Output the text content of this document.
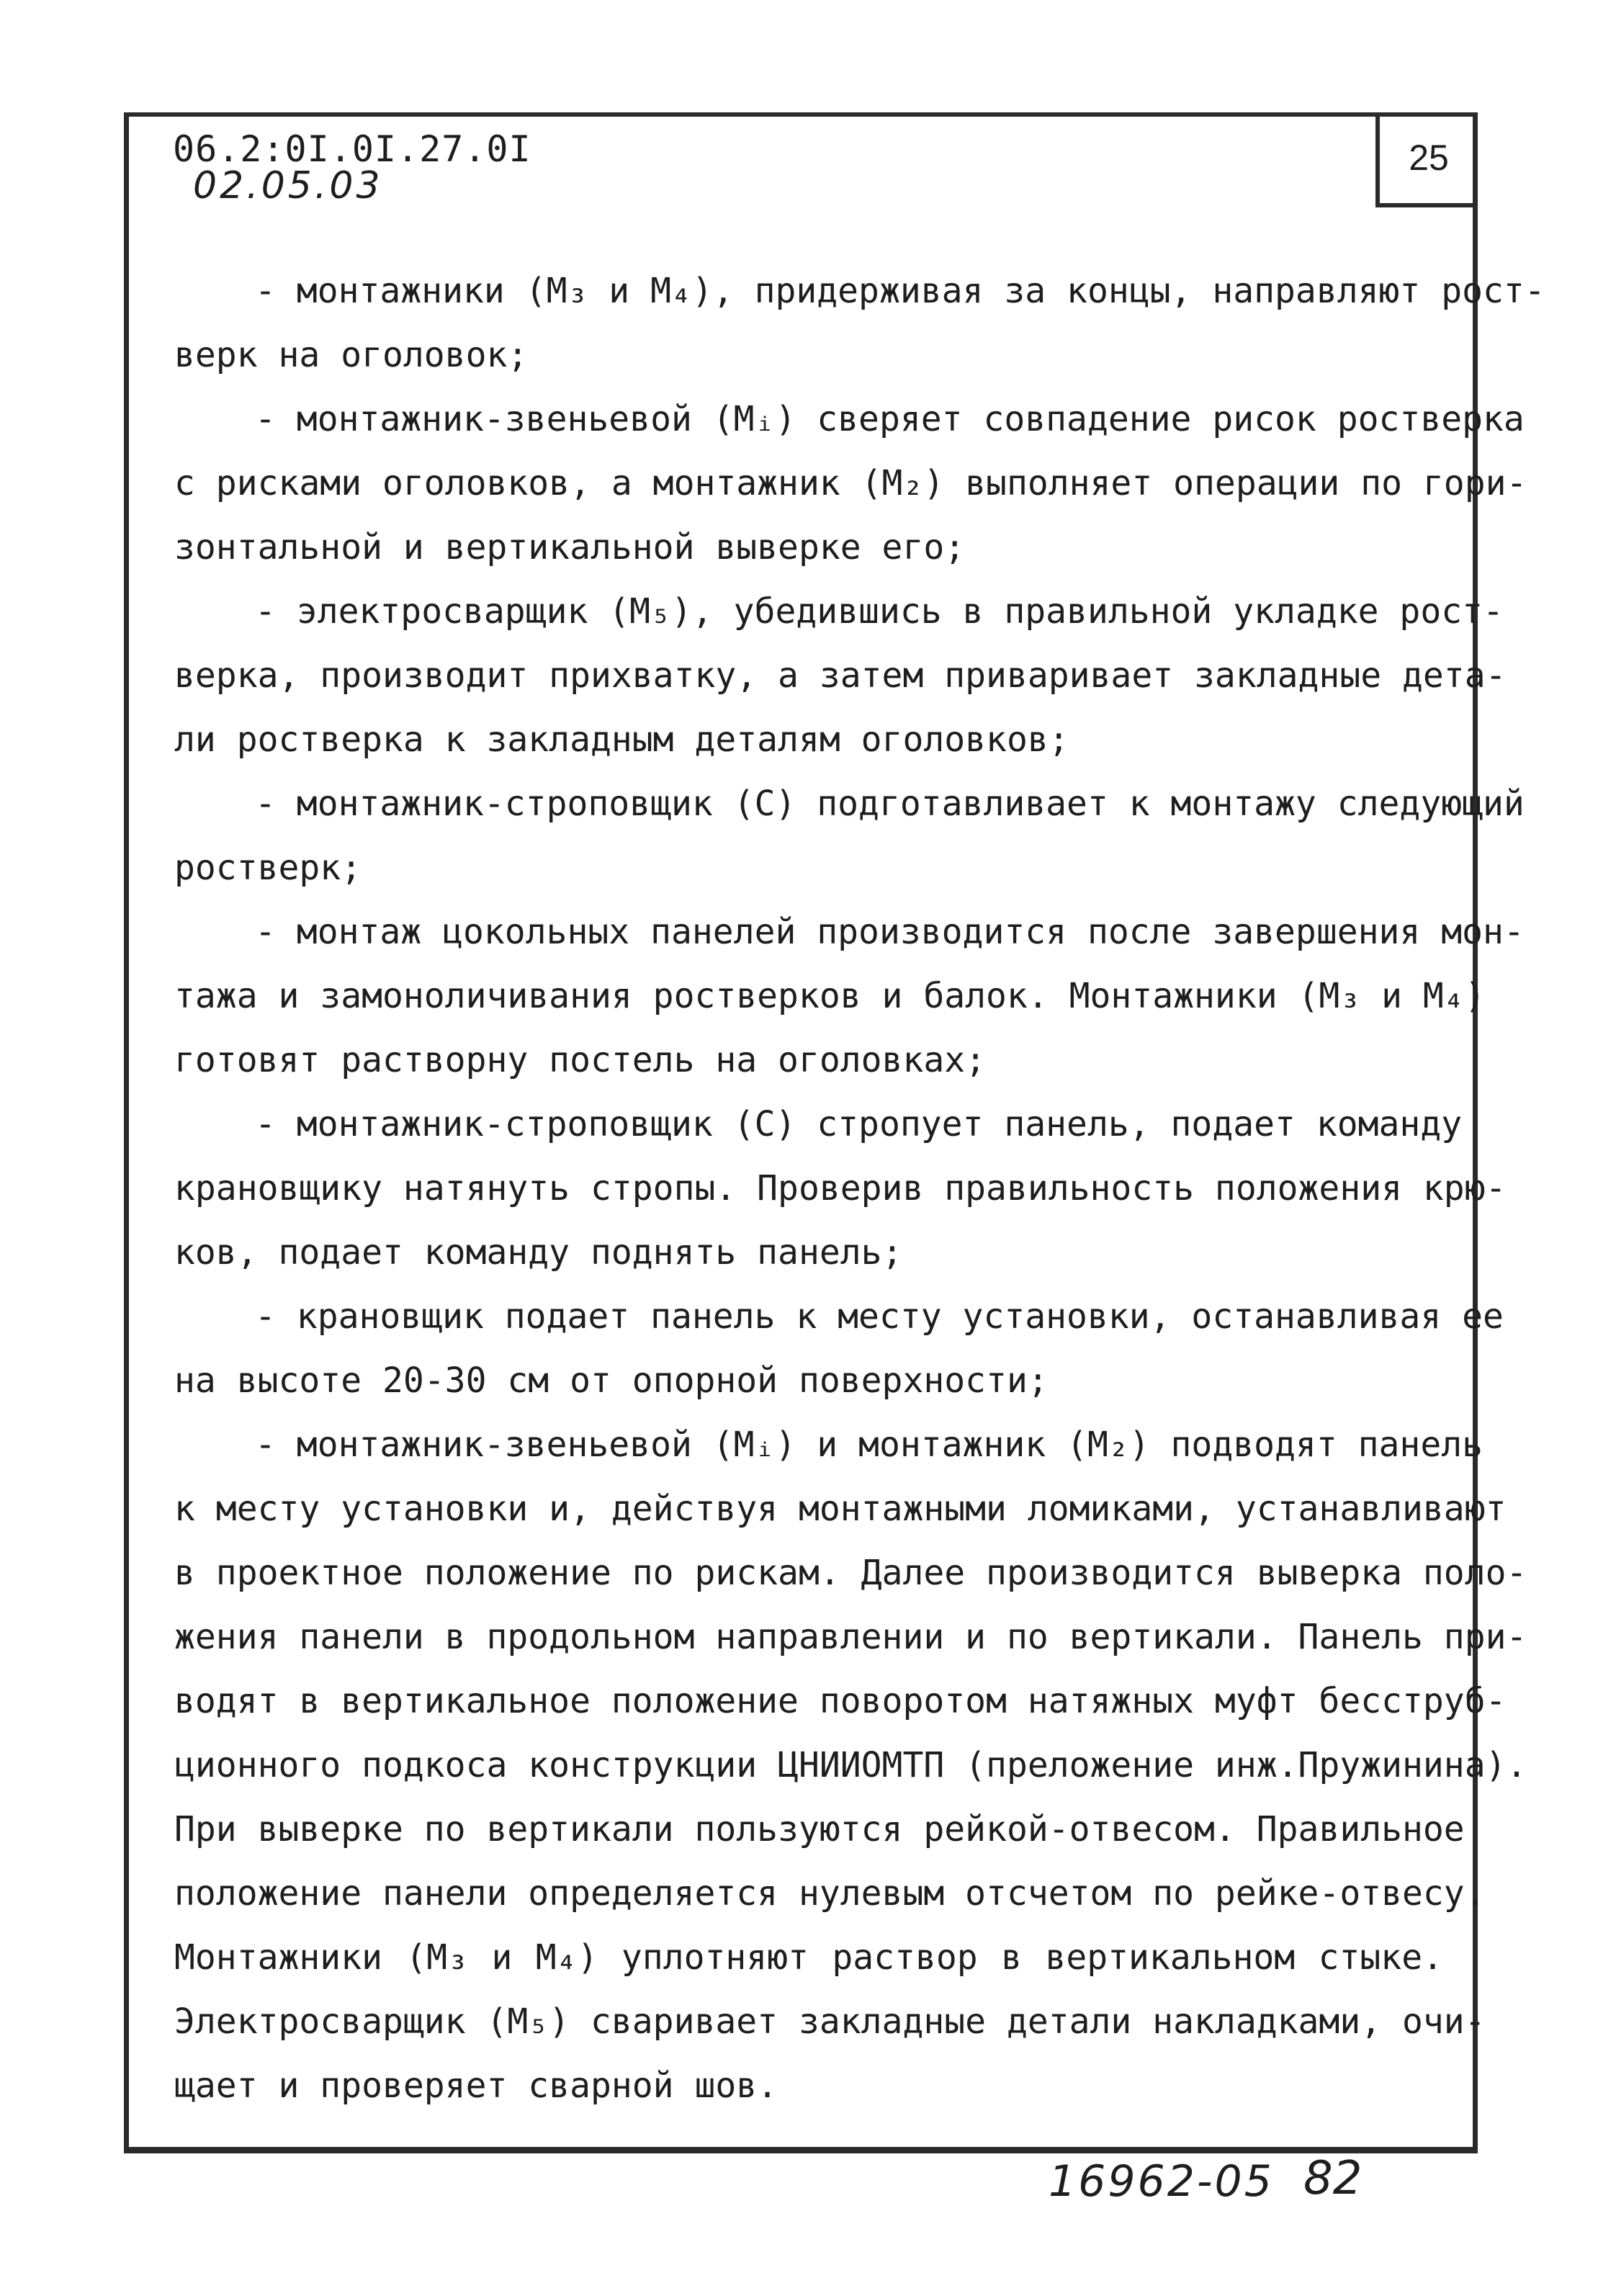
25
06.2:0I.0I.27.0I
02.05.03
- монтажники (М₃ и М₄), придерживая за концы, направляют рост-
верк на оголовок;
- монтажник-звеньевой (Мᵢ) сверяет совпадение рисок ростверка
с рисками оголовков, а монтажник (М₂) выполняет операции по гори-
зонтальной и вертикальной выверке его;
- электросварщик (М₅), убедившись в правильной укладке рост-
верка, производит прихватку, а затем приваривает закладные дета-
ли ростверка к закладным деталям оголовков;
- монтажник-строповщик (С) подготавливает к монтажу следующий
ростверк;
- монтаж цокольных панелей производится после завершения мон-
тажа и замоноличивания ростверков и балок. Монтажники (М₃ и М₄)
готовят растворну постель на оголовках;
- монтажник-строповщик (С) стропует панель, подает команду
крановщику натянуть стропы. Проверив правильность положения крю-
ков, подает команду поднять панель;
- крановщик подает панель к месту установки, останавливая ее
на высоте 20-30 см от опорной поверхности;
- монтажник-звеньевой (Мᵢ) и монтажник (М₂) подводят панель
к месту установки и, действуя монтажными ломиками, устанавливают
в проектное положение по рискам. Далее производится выверка поло-
жения панели в продольном направлении и по вертикали. Панель при-
водят в вертикальное положение поворотом натяжных муфт бесструб-
ционного подкоса конструкции ЦНИИОМТП (преложение инж.Пружинина).
При выверке по вертикали пользуются рейкой-отвесом. Правильное
положение панели определяется нулевым отсчетом по рейке-отвесу.
Монтажники (М₃ и М₄) уплотняют раствор в вертикальном стыке.
Электросварщик (М₅) сваривает закладные детали накладками, очи-
щает и проверяет сварной шов.
16962-05 82
